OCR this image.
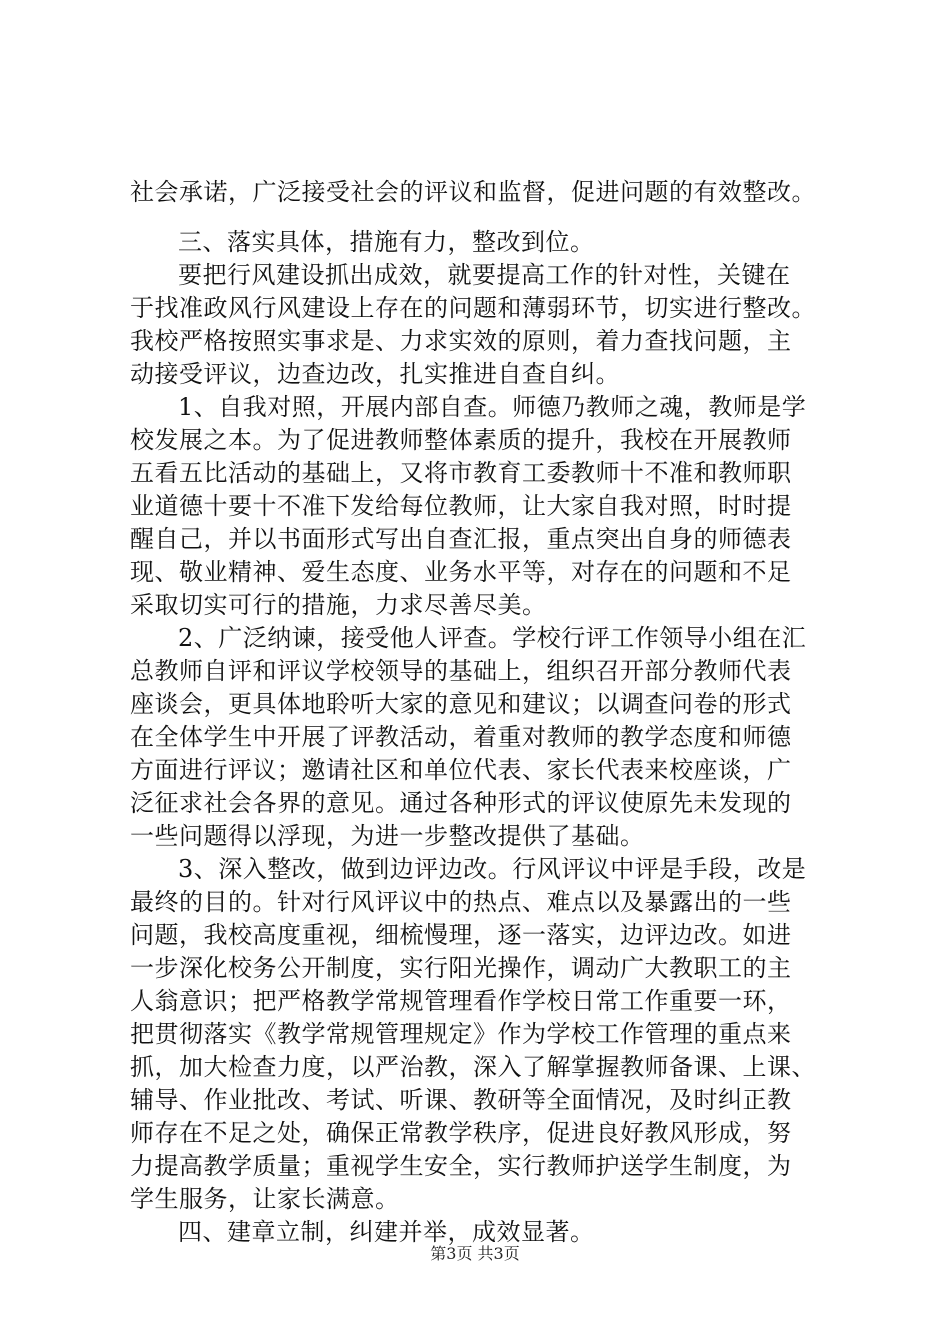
社会承诺，广泛接受社会的评议和监督，促进问题的有效整改。
三、落实具体，措施有力，整改到位。
要把行风建设抓出成效，就要提高工作的针对性，关键在
于找准政风行风建设上存在的问题和薄弱环节，切实进行整改。
我校严格按照实事求是、力求实效的原则，着力查找问题，主
动接受评议，边查边改，扎实推进自查自纠。
1、自我对照，开展内部自查。师德乃教师之魂，教师是学
校发展之本。为了促进教师整体素质的提升，我校在开展教师
五看五比活动的基础上，又将市教育工委教师十不准和教师职
业道德十要十不准下发给每位教师，让大家自我对照，时时提
醒自己，并以书面形式写出自查汇报，重点突出自身的师德表
现、敬业精神、爱生态度、业务水平等，对存在的问题和不足
采取切实可行的措施，力求尽善尽美。
2、广泛纳谏，接受他人评查。学校行评工作领导小组在汇
总教师自评和评议学校领导的基础上，组织召开部分教师代表
座谈会，更具体地聆听大家的意见和建议；以调查问卷的形式
在全体学生中开展了评教活动，着重对教师的教学态度和师德
方面进行评议；邀请社区和单位代表、家长代表来校座谈，广
泛征求社会各界的意见。通过各种形式的评议使原先未发现的
一些问题得以浮现，为进一步整改提供了基础。
3、深入整改，做到边评边改。行风评议中评是手段，改是
最终的目的。针对行风评议中的热点、难点以及暴露出的一些
问题，我校高度重视，细梳慢理，逐一落实，边评边改。如进
一步深化校务公开制度，实行阳光操作，调动广大教职工的主
人翁意识；把严格教学常规管理看作学校日常工作重要一环，
把贯彻落实《教学常规管理规定》作为学校工作管理的重点来
抓，加大检查力度，以严治教，深入了解掌握教师备课、上课、
辅导、作业批改、考试、听课、教研等全面情况，及时纠正教
师存在不足之处，确保正常教学秩序，促进良好教风形成，努
力提高教学质量；重视学生安全，实行教师护送学生制度，为
学生服务，让家长满意。
四、建章立制，纠建并举，成效显著。
第3页 共3页
